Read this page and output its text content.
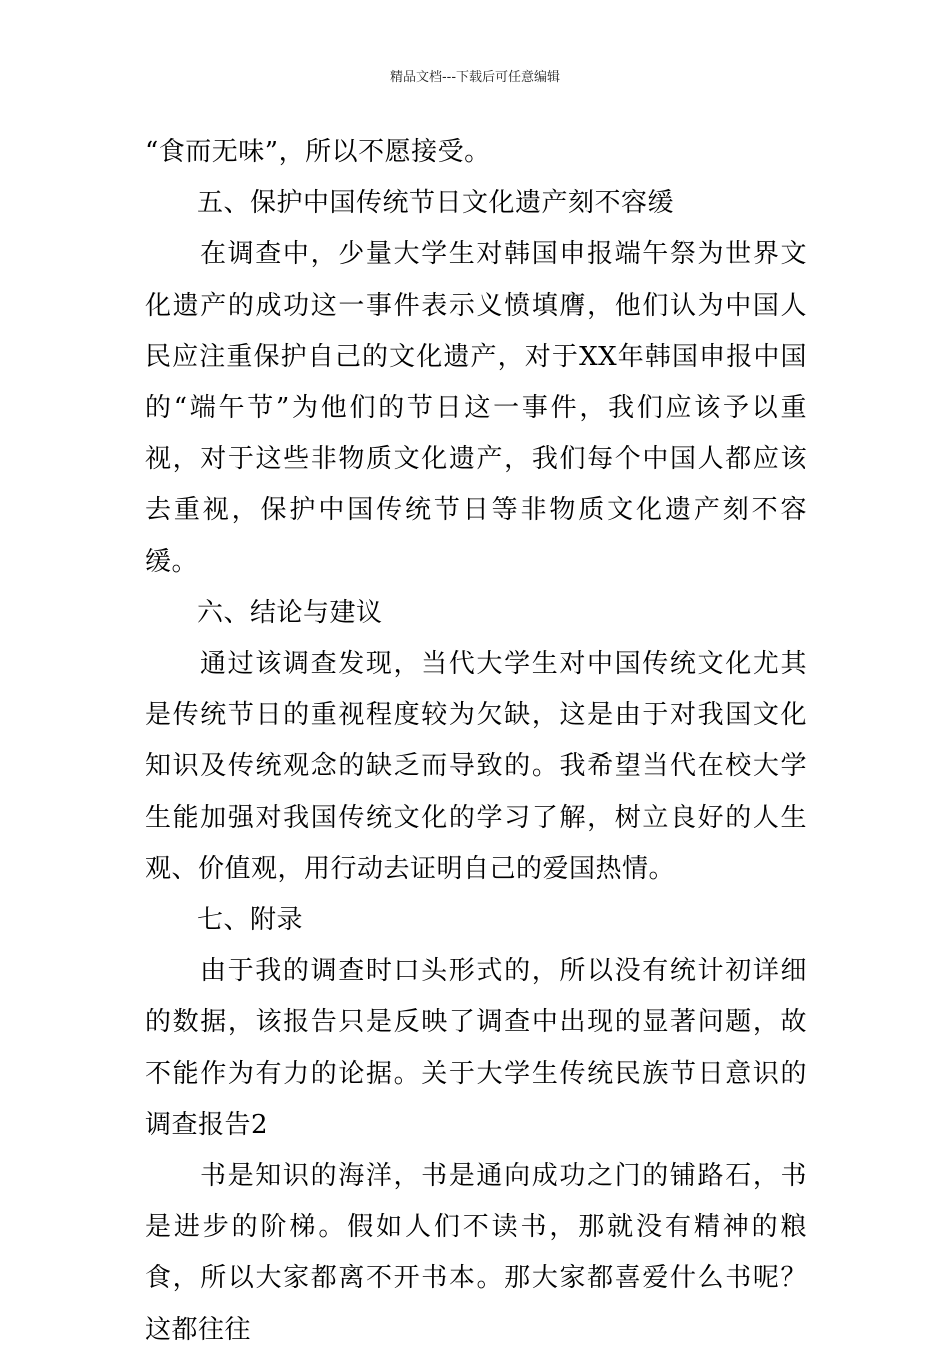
精品文档---下载后可任意编辑

“食而无味”，所以不愿接受。

五、保护中国传统节日文化遗产刻不容缓

在调查中，少量大学生对韩国申报端午祭为世界文化遗产的成功这一事件表示义愤填膺，他们认为中国人民应注重保护自己的文化遗产，对于XX年韩国申报中国的“端午节”为他们的节日这一事件，我们应该予以重视，对于这些非物质文化遗产，我们每个中国人都应该去重视，保护中国传统节日等非物质文化遗产刻不容缓。

六、结论与建议

通过该调查发现，当代大学生对中国传统文化尤其是传统节日的重视程度较为欠缺，这是由于对我国文化知识及传统观念的缺乏而导致的。我希望当代在校大学生能加强对我国传统文化的学习了解，树立良好的人生观、价值观，用行动去证明自己的爱国热情。

七、附录

由于我的调查时口头形式的，所以没有统计初详细的数据，该报告只是反映了调查中出现的显著问题，故不能作为有力的论据。关于大学生传统民族节日意识的调查报告2

书是知识的海洋，书是通向成功之门的铺路石，书是进步的阶梯。假如人们不读书，那就没有精神的粮食，所以大家都离不开书本。那大家都喜爱什么书呢？这都往往
